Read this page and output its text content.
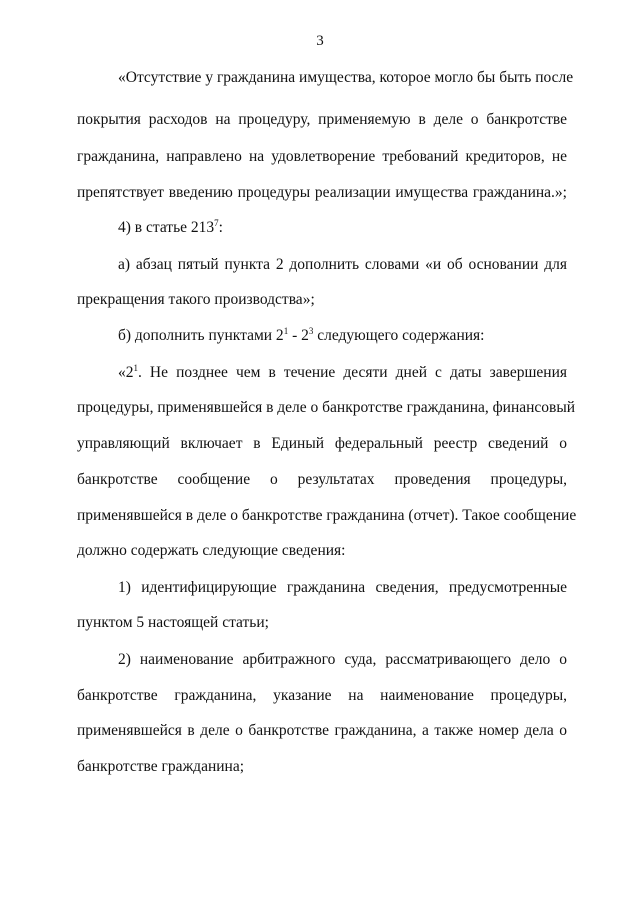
3
«Отсутствие у гражданина имущества, которое могло бы быть после
покрытия расходов на процедуру, применяемую в деле о банкротстве
гражданина, направлено на удовлетворение требований кредиторов, не
препятствует введению процедуры реализации имущества гражданина.»;
4) в статье $213^7$:
а) абзац пятый пункта 2 дополнить словами «и об основании для
прекращения такого производства»;
б) дополнить пунктами $2^1 - 2^3$ следующего содержания:
«$2^1$. Не позднее чем в течение десяти дней с даты завершения
процедуры, применявшейся в деле о банкротстве гражданина, финансовый
управляющий включает в Единый федеральный реестр сведений о
банкротстве сообщение о результатах проведения процедуры,
применявшейся в деле о банкротстве гражданина (отчет). Такое сообщение
должно содержать следующие сведения:
1) идентифицирующие гражданина сведения, предусмотренные
пунктом 5 настоящей статьи;
2) наименование арбитражного суда, рассматривающего дело о
банкротстве гражданина, указание на наименование процедуры,
применявшейся в деле о банкротстве гражданина, а также номер дела о
банкротстве гражданина;
